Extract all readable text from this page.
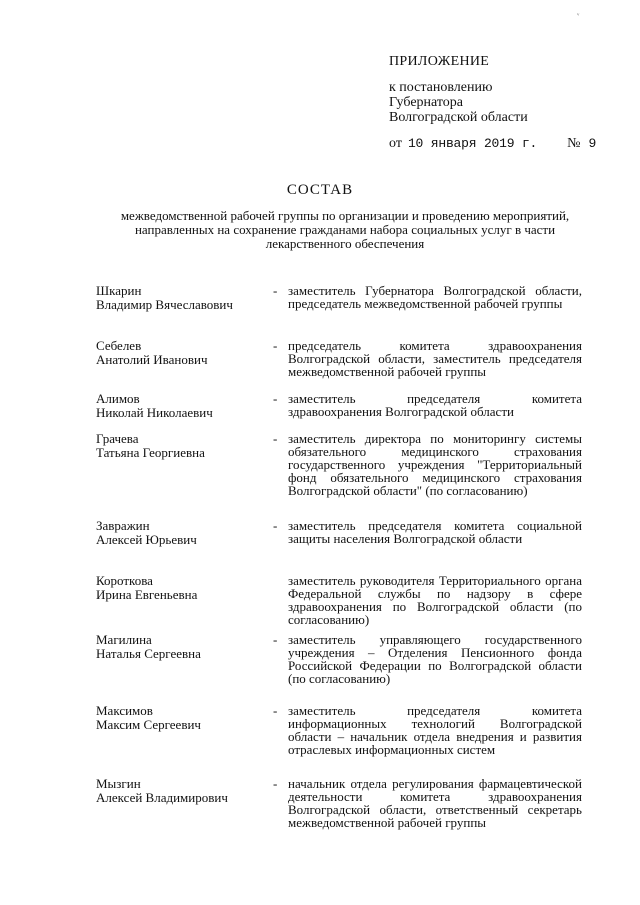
ᵥ
ПРИЛОЖЕНИЕ
к постановлению
Губернатора
Волгоградской области
от 10 января 2019 г. № 9
СОСТАВ
межведомственной рабочей группы по организации и проведению мероприятий, направленных на сохранение гражданами набора социальных услуг в части лекарственного обеспечения
Шкарин
Владимир Вячеславович
- заместитель Губернатора Волгоградской области, председатель межведомственной рабочей группы
Себелев
Анатолий Иванович
- председатель комитета здравоохранения Волгоградской области, заместитель председателя межведомственной рабочей группы
Алимов
Николай Николаевич
- заместитель председателя комитета здравоохранения Волгоградской области
Грачева
Татьяна Георгиевна
- заместитель директора по мониторингу системы обязательного медицинского страхования государственного учреждения "Территориальный фонд обязательного медицинского страхования Волгоградской области" (по согласованию)
Завражин
Алексей Юрьевич
- заместитель председателя комитета социальной защиты населения Волгоградской области
Короткова
Ирина Евгеньевна
заместитель руководителя Территориального органа Федеральной службы по надзору в сфере здравоохранения по Волгоградской области (по согласованию)
Магилина
Наталья Сергеевна
- заместитель управляющего государственного учреждения – Отделения Пенсионного фонда Российской Федерации по Волгоградской области (по согласованию)
Максимов
Максим Сергеевич
- заместитель председателя комитета информационных технологий Волгоградской области – начальник отдела внедрения и развития отраслевых информационных систем
Мызгин
Алексей Владимирович
- начальник отдела регулирования фармацевтической деятельности комитета здравоохранения Волгоградской области, ответственный секретарь межведомственной рабочей группы
